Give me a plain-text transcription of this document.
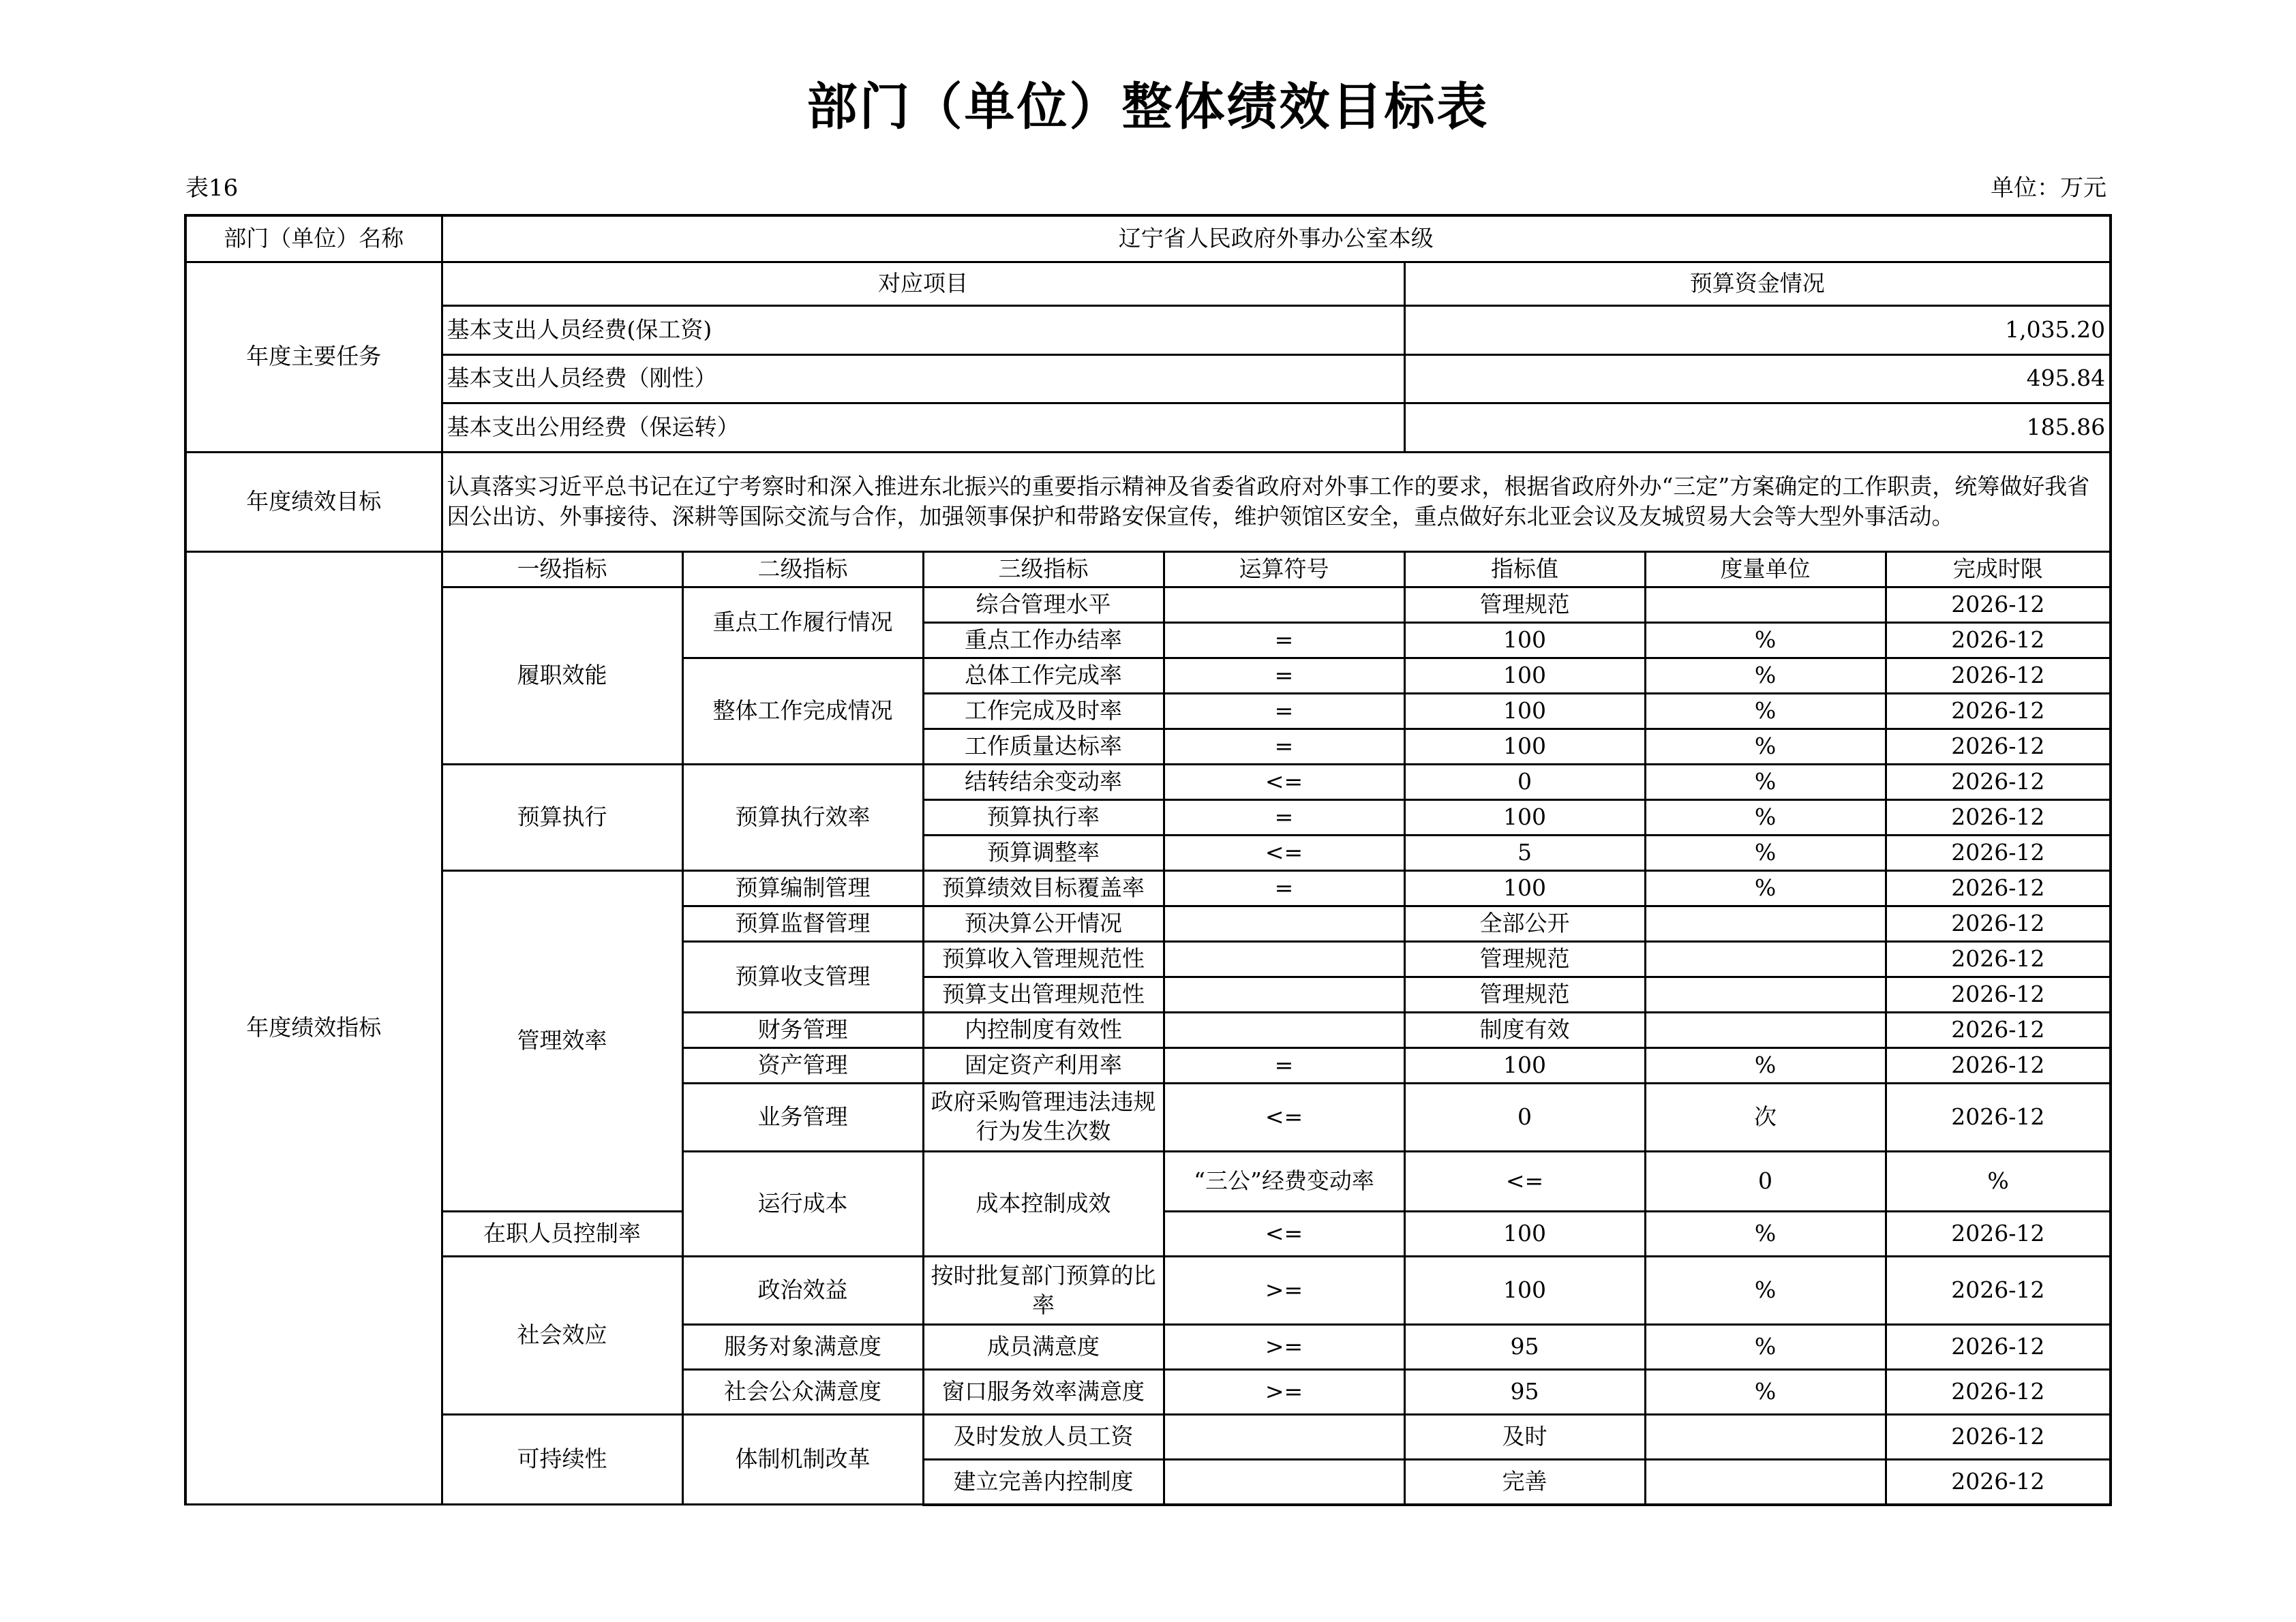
部门（单位）整体绩效目标表
表16	单位：万元
部门（单位）名称	辽宁省人民政府外事办公室本级							
年度主要任务	对应项目				预算资金情况			
	基本支出人员经费(保工资)				1,035.20			
	基本支出人员经费（刚性）				495.84			
	基本支出公用经费（保运转）				185.86			
年度绩效目标	认真落实习近平总书记在辽宁考察时和深入推进东北振兴的重要指示精神及省委省政府对外事工作的要求，根据省政府外办“三定”方案确定的工作职责，统筹做好我省因公出访、外事接待、深耕等国际交流与合作，加强领事保护和带路安保宣传，维护领馆区安全，重点做好东北亚会议及友城贸易大会等大型外事活动。							
年度绩效指标	一级指标	二级指标	三级指标	运算符号	指标值	度量单位	完成时限	
	履职效能	重点工作履行情况	综合管理水平		管理规范		2026-12	
			重点工作办结率	=	100	%	2026-12	
		整体工作完成情况	总体工作完成率	=	100	%	2026-12	
			工作完成及时率	=	100	%	2026-12	
			工作质量达标率	=	100	%	2026-12	
	预算执行	预算执行效率	结转结余变动率	<=	0	%	2026-12	
			预算执行率	=	100	%	2026-12	
			预算调整率	<=	5	%	2026-12	
	管理效率	预算编制管理	预算绩效目标覆盖率	=	100	%	2026-12	
		预算监督管理	预决算公开情况		全部公开		2026-12	
		预算收支管理	预算收入管理规范性		管理规范		2026-12	
			预算支出管理规范性		管理规范		2026-12	
		财务管理	内控制度有效性		制度有效		2026-12	
		资产管理	固定资产利用率	=	100	%	2026-12	
		业务管理	政府采购管理违法违规行为发生次数	<=	0	次	2026-12	
		运行成本	成本控制成效	“三公”经费变动率	<=	0	%	
	在职人员控制率			<=	100	%	2026-12	
	社会效应	政治效益	按时批复部门预算的比率	>=	100	%	2026-12	
		服务对象满意度	成员满意度	>=	95	%	2026-12	
		社会公众满意度	窗口服务效率满意度	>=	95	%	2026-12	
	可持续性	体制机制改革	及时发放人员工资		及时		2026-12	
			建立完善内控制度		完善		2026-12	
